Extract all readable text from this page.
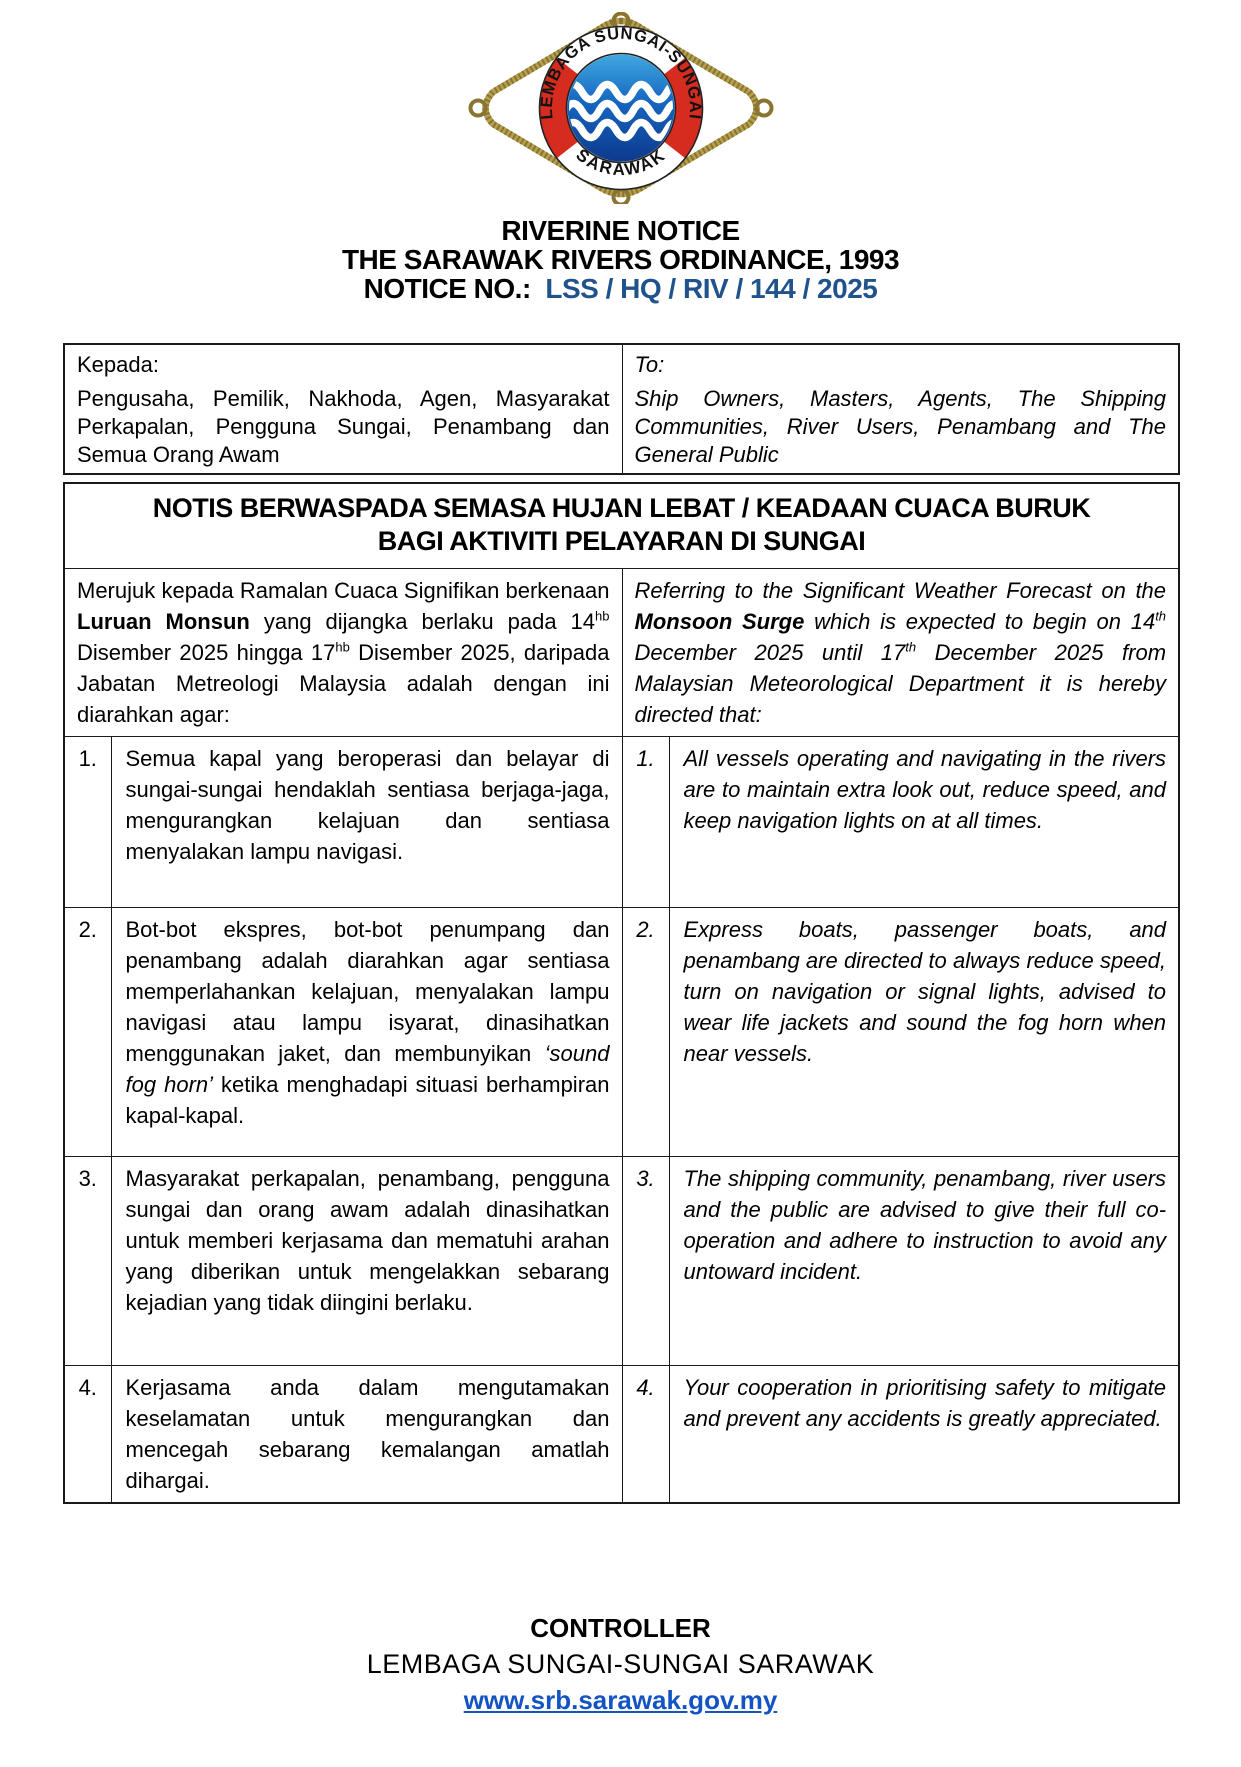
LEMBAGA SUNGAI-SUNGAI
SARAWAK
RIVERINE NOTICE
THE SARAWAK RIVERS ORDINANCE, 1993
NOTICE NO.: LSS / HQ / RIV / 144 / 2025

Kepada:

Pengusaha, Pemilik, Nakhoda, Agen, Masyarakat Perkapalan, Pengguna Sungai, Penambang dan Semua Orang Awam

To:

Ship Owners, Masters, Agents, The Shipping Communities, River Users, Penambang and The General Public

NOTIS BERWASPADA SEMASA HUJAN LEBAT / KEADAAN CUACA BURUK
BAGI AKTIVITI PELAYARAN DI SUNGAI			

Merujuk kepada Ramalan Cuaca Signifikan berkenaan Luruan Monsun yang dijangka berlaku pada $14^{hb}$ Disember 2025 hingga $17^{hb}$ Disember 2025, daripada Jabatan Metreologi Malaysia adalah dengan ini diarahkan agar:

Referring to the Significant Weather Forecast on the Monsoon Surge which is expected to begin on 14th December 2025 until 17th December 2025 from Malaysian Meteorological Department it is hereby directed that:

1.	Semua kapal yang beroperasi dan belayar di sungai-sungai hendaklah sentiasa berjaga-jaga, mengurangkan kelajuan dan sentiasa menyalakan lampu navigasi.	1.	All vessels operating and navigating in the rivers are to maintain extra look out, reduce speed, and keep navigation lights on at all times.

2.	Bot-bot ekspres, bot-bot penumpang dan penambang adalah diarahkan agar sentiasa memperlahankan kelajuan, menyalakan lampu navigasi atau lampu isyarat, dinasihatkan menggunakan jaket, dan membunyikan ‘sound fog horn’ ketika menghadapi situasi berhampiran kapal-kapal.	2.	Express boats, passenger boats, and penambang are directed to always reduce speed, turn on navigation or signal lights, advised to wear life jackets and sound the fog horn when near vessels.

3.	Masyarakat perkapalan, penambang, pengguna sungai dan orang awam adalah dinasihatkan untuk memberi kerjasama dan mematuhi arahan yang diberikan untuk mengelakkan sebarang kejadian yang tidak diingini berlaku.	3.	The shipping community, penambang, river users and the public are advised to give their full co-operation and adhere to instruction to avoid any untoward incident.

4.	Kerjasama anda dalam mengutamakan keselamatan untuk mengurangkan dan mencegah sebarang kemalangan amatlah dihargai.	4.	Your cooperation in prioritising safety to mitigate and prevent any accidents is greatly appreciated.

CONTROLLER
LEMBAGA SUNGAI-SUNGAI SARAWAK
www.srb.sarawak.gov.my
